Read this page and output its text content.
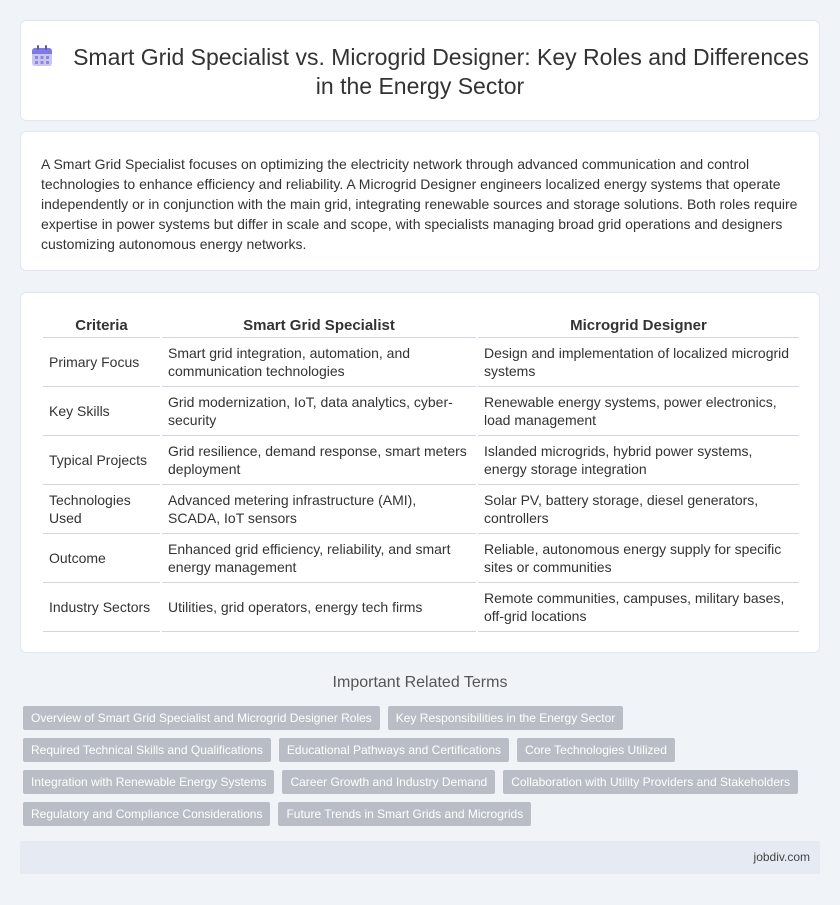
Smart Grid Specialist vs. Microgrid Designer: Key Roles and Differences in the Energy Sector

A Smart Grid Specialist focuses on optimizing the electricity network through advanced communication and control technologies to enhance efficiency and reliability. A Microgrid Designer engineers localized energy systems that operate independently or in conjunction with the main grid, integrating renewable sources and storage solutions. Both roles require expertise in power systems but differ in scale and scope, with specialists managing broad grid operations and designers customizing autonomous energy networks.

Criteria	Smart Grid Specialist	Microgrid Designer
Primary Focus	Smart grid integration, automation, and communication technologies	Design and implementation of localized microgrid systems
Key Skills	Grid modernization, IoT, data analytics, cyber-security	Renewable energy systems, power electronics, load management
Typical Projects	Grid resilience, demand response, smart meters deployment	Islanded microgrids, hybrid power systems, energy storage integration
Technologies Used	Advanced metering infrastructure (AMI), SCADA, IoT sensors	Solar PV, battery storage, diesel generators, controllers
Outcome	Enhanced grid efficiency, reliability, and smart energy management	Reliable, autonomous energy supply for specific sites or communities
Industry Sectors	Utilities, grid operators, energy tech firms	Remote communities, campuses, military bases, off-grid locations
Important Related Terms
Overview of Smart Grid Specialist and Microgrid Designer Roles	Key Responsibilities in the Energy Sector
Required Technical Skills and Qualifications	Educational Pathways and Certifications	Core Technologies Utilized
Integration with Renewable Energy Systems	Career Growth and Industry Demand	Collaboration with Utility Providers and Stakeholders
Regulatory and Compliance Considerations	Future Trends in Smart Grids and Microgrids
jobdiv.com
